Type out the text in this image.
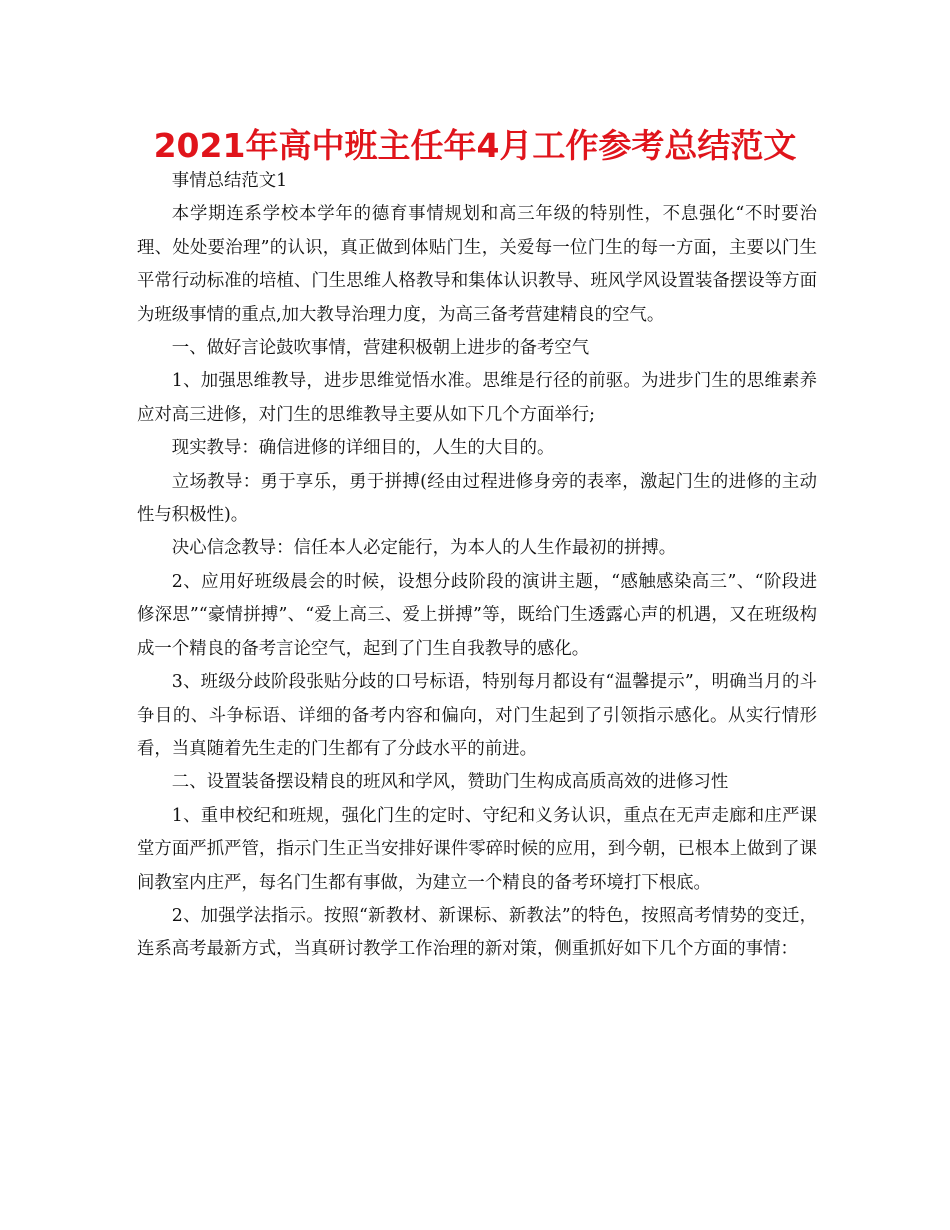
2021年高中班主任年4月工作参考总结范文

事情总结范文1

本学期连系学校本学年的德育事情规划和高三年级的特别性，不息强化“不时要治理、处处要治理”的认识，真正做到体贴门生，关爱每一位门生的每一方面，主要以门生平常行动标准的培植、门生思维人格教导和集体认识教导、班风学风设置装备摆设等方面为班级事情的重点,加大教导治理力度，为高三备考营建精良的空气。

一、做好言论鼓吹事情，营建积极朝上进步的备考空气

1、加强思维教导，进步思维觉悟水准。思维是行径的前驱。为进步门生的思维素养应对高三进修，对门生的思维教导主要从如下几个方面举行;

现实教导：确信进修的详细目的，人生的大目的。

立场教导：勇于享乐，勇于拼搏(经由过程进修身旁的表率，激起门生的进修的主动性与积极性)。

决心信念教导：信任本人必定能行，为本人的人生作最初的拼搏。

2、应用好班级晨会的时候，设想分歧阶段的演讲主题，“感触感染高三”、“阶段进修深思”“豪情拼搏”、“爱上高三、爱上拼搏”等，既给门生透露心声的机遇，又在班级构成一个精良的备考言论空气，起到了门生自我教导的感化。

3、班级分歧阶段张贴分歧的口号标语，特别每月都设有“温馨提示”，明确当月的斗争目的、斗争标语、详细的备考内容和偏向，对门生起到了引领指示感化。从实行情形看，当真随着先生走的门生都有了分歧水平的前进。

二、设置装备摆设精良的班风和学风，赞助门生构成高质高效的进修习性

1、重申校纪和班规，强化门生的定时、守纪和义务认识，重点在无声走廊和庄严课堂方面严抓严管，指示门生正当安排好课件零碎时候的应用，到今朝，已根本上做到了课间教室内庄严，每名门生都有事做，为建立一个精良的备考环境打下根底。

2、加强学法指示。按照“新教材、新课标、新教法”的特色，按照高考情势的变迁，连系高考最新方式，当真研讨教学工作治理的新对策，侧重抓好如下几个方面的事情：
